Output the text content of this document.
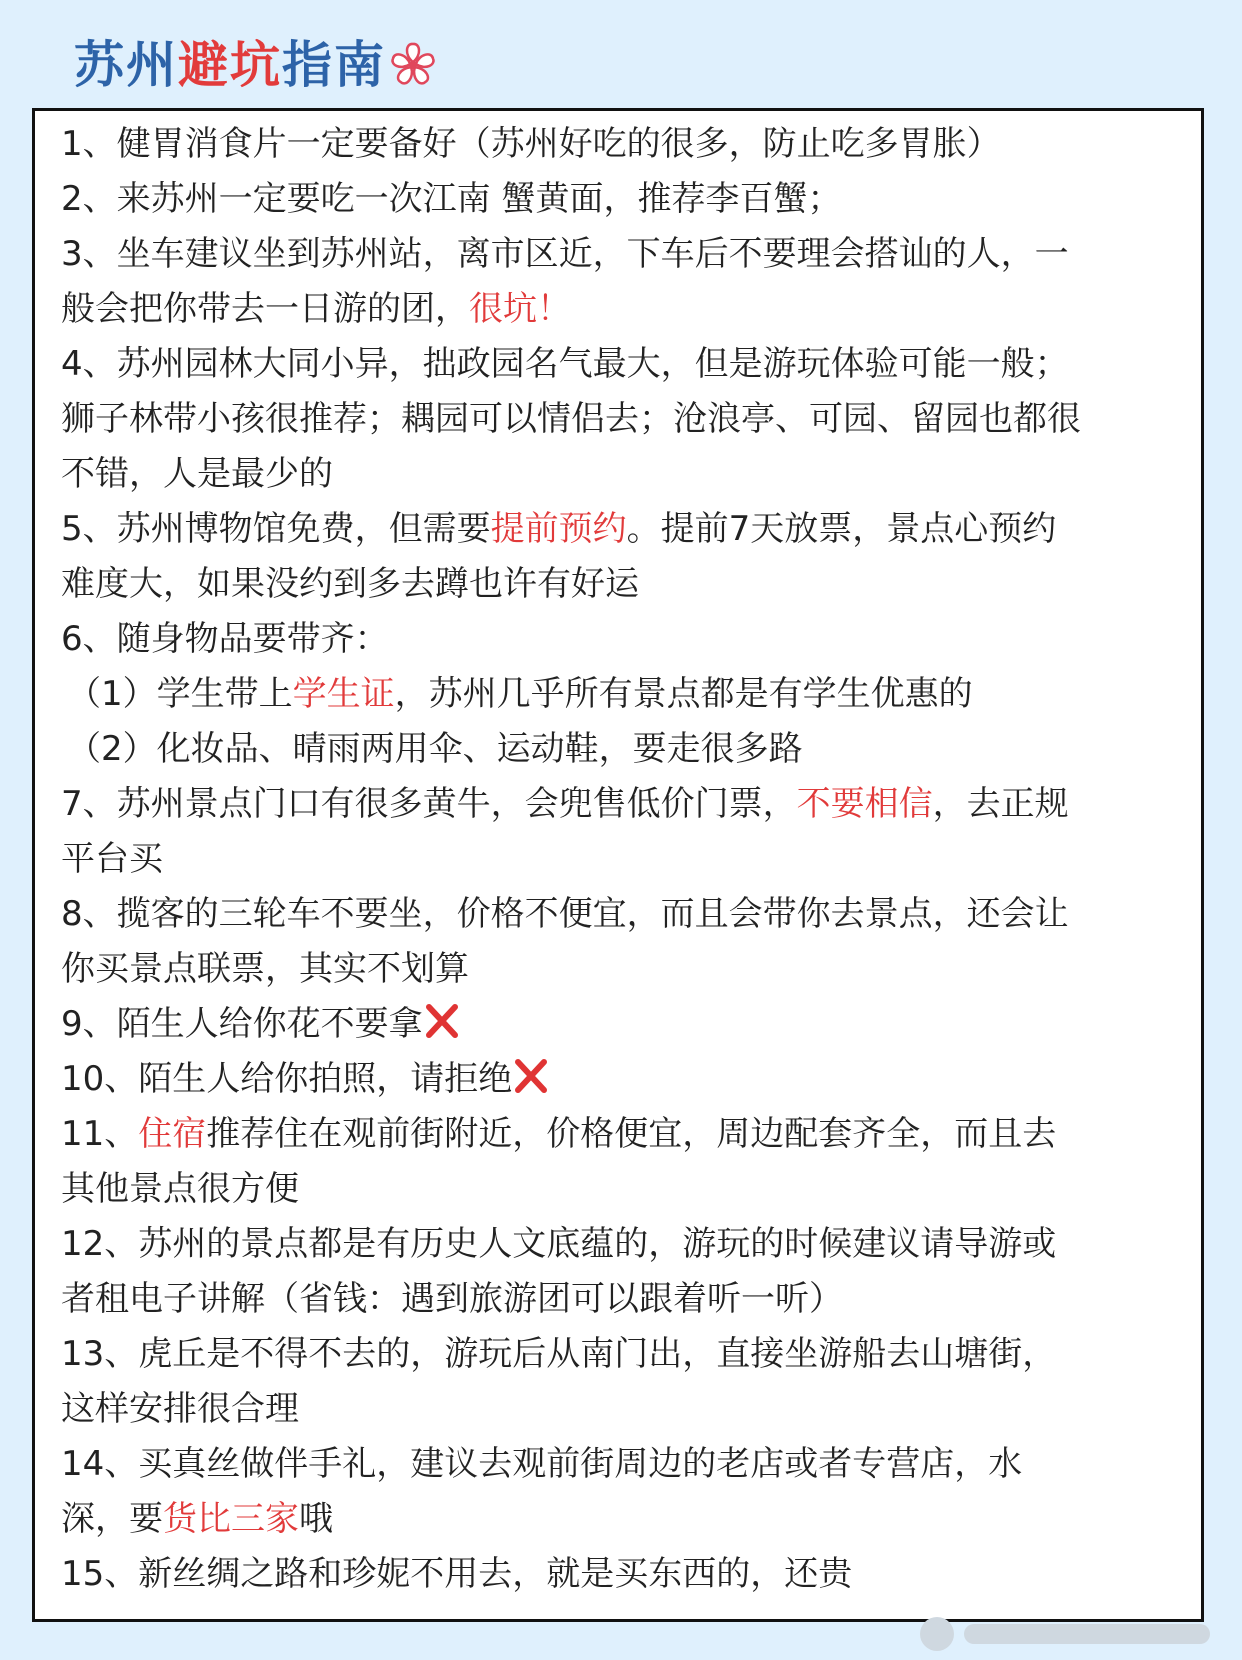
苏州避坑指南

1、健胃消食片一定要备好（苏州好吃的很多，防止吃多胃胀）

2、来苏州一定要吃一次江南 蟹黄面，推荐李百蟹；

3、坐车建议坐到苏州站，离市区近，下车后不要理会搭讪的人，一

般会把你带去一日游的团，很坑！

4、苏州园林大同小异，拙政园名气最大，但是游玩体验可能一般；

狮子林带小孩很推荐；耦园可以情侣去；沧浪亭、可园、留园也都很

不错，人是最少的

5、苏州博物馆免费，但需要提前预约。提前7天放票，景点心预约

难度大，如果没约到多去蹲也许有好运

6、随身物品要带齐：

（1）学生带上学生证，苏州几乎所有景点都是有学生优惠的

（2）化妆品、晴雨两用伞、运动鞋，要走很多路

7、苏州景点门口有很多黄牛，会兜售低价门票，不要相信，去正规

平台买

8、揽客的三轮车不要坐，价格不便宜，而且会带你去景点，还会让

你买景点联票，其实不划算

9、陌生人给你花不要拿

10、陌生人给你拍照，请拒绝

11、住宿推荐住在观前街附近，价格便宜，周边配套齐全，而且去

其他景点很方便

12、苏州的景点都是有历史人文底蕴的，游玩的时候建议请导游或

者租电子讲解（省钱：遇到旅游团可以跟着听一听）

13、虎丘是不得不去的，游玩后从南门出，直接坐游船去山塘街，

这样安排很合理

14、买真丝做伴手礼，建议去观前街周边的老店或者专营店，水

深，要货比三家哦

15、新丝绸之路和珍妮不用去，就是买东西的，还贵
